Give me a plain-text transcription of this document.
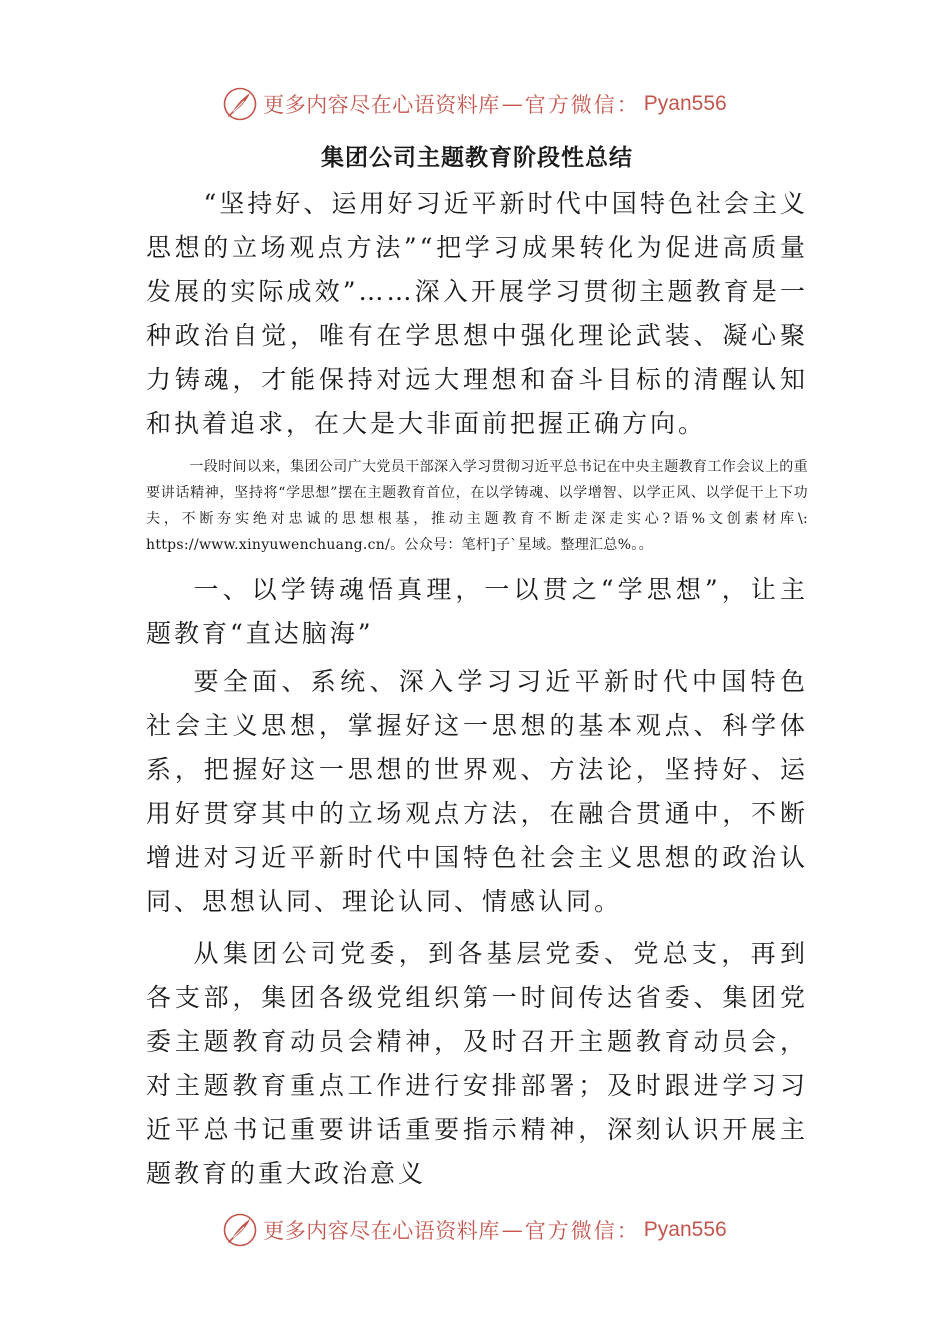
更多内容尽在心语资料库 — 官方微信： Pyan556
集团公司主题教育阶段性总结

“坚持好、运用好习近平新时代中国特色社会主义思想的立场观点方法”“把学习成果转化为促进高质量发展的实际成效”……深入开展学习贯彻主题教育是一种政治自觉，唯有在学思想中强化理论武装、凝心聚力铸魂，才能保持对远大理想和奋斗目标的清醒认知和执着追求，在大是大非面前把握正确方向。

一段时间以来，集团公司广大党员干部深入学习贯彻习近平总书记在中央主题教育工作会议上的重要讲话精神，坚持将“学思想”摆在主题教育首位，在以学铸魂、以学增智、以学正风、以学促干上下功夫，不断夯实绝对忠诚的思想根基，推动主题教育不断走深走实心?语%文创素材库\: https://www.xinyuwenchuang.cn/。公众号：笔杆]子`星域。整理汇总%。。

一、以学铸魂悟真理，一以贯之“学思想”，让主题教育“直达脑海”

要全面、系统、深入学习习近平新时代中国特色社会主义思想，掌握好这一思想的基本观点、科学体系，把握好这一思想的世界观、方法论，坚持好、运用好贯穿其中的立场观点方法，在融合贯通中，不断增进对习近平新时代中国特色社会主义思想的政治认同、思想认同、理论认同、情感认同。

从集团公司党委，到各基层党委、党总支，再到各支部，集团各级党组织第一时间传达省委、集团党委主题教育动员会精神，及时召开主题教育动员会，对主题教育重点工作进行安排部署；及时跟进学习习近平总书记重要讲话重要指示精神，深刻认识开展主题教育的重大政治意义

更多内容尽在心语资料库 — 官方微信： Pyan556
